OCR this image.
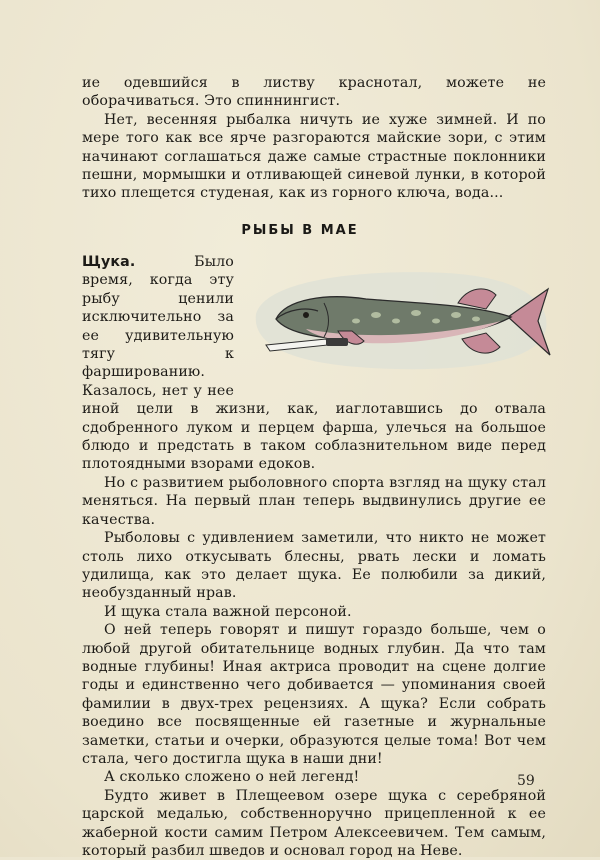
ие одевшийся в листву краснотал, можете не оборачиваться. Это спиннингист.

Нет, весенняя рыбалка ничуть ие хуже зимней. И по мере того как все ярче разгораются майские зори, с этим начинают соглашаться даже самые страстные поклонники пешни, мормышки и отливающей синевой лунки, в которой тихо плещется студеная, как из горного ключа, вода...

РЫБЫ В МАЕ

Щука. Было время, когда эту рыбу ценили исключительно за ее удивительную тягу к фаршированию. Казалось, нет у нее иной цели в жизни, как, иаглотавшись до отвала сдобренного луком и перцем фарша, улечься на большое блюдо и предстать в таком соблазнительном виде перед плотоядными взорами едоков.

Но с развитием рыболовного спорта взгляд на щуку стал меняться. На первый план теперь выдвинулись другие ее качества.

Рыболовы с удивлением заметили, что никто не может столь лихо откусывать блесны, рвать лески и ломать удилища, как это делает щука. Ее полюбили за дикий, необузданный нрав.

И щука стала важной персоной.

О ней теперь говорят и пишут гораздо больше, чем о любой другой обитательнице водных глубин. Да что там водные глубины! Иная актриса проводит на сцене долгие годы и единственно чего добивается — упоминания своей фамилии в двух-трех рецензиях. А щука? Если собрать воедино все посвященные ей газетные и журнальные заметки, статьи и очерки, образуются целые тома! Вот чем стала, чего достигла щука в наши дни!

А сколько сложено о ней легенд!

Будто живет в Плещеевом озере щука с серебряной царской медалью, собственноручно прицепленной к ее жаберной кости самим Петром Алексеевичем. Тем самым, который разбил шведов и основал город на Неве.

59
